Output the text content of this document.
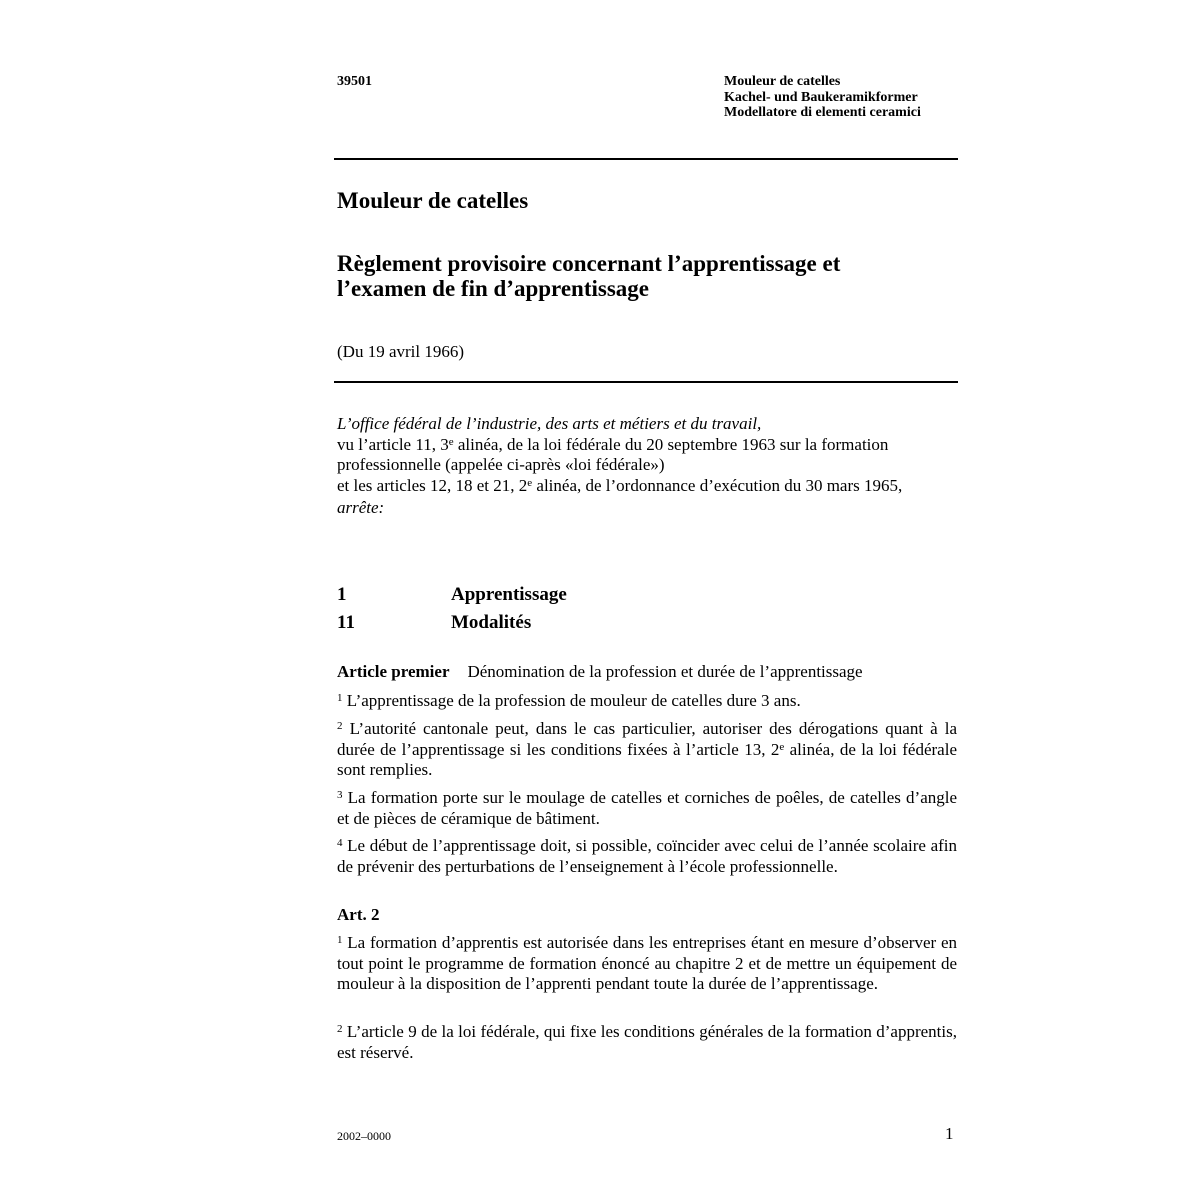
39501	Mouleur de catelles
Kachel- und Baukeramikformer
Modellatore di elementi ceramici
Mouleur de catelles
Règlement provisoire concernant l’apprentissage et
l’examen de fin d’apprentissage
(Du 19 avril 1966)
L’office fédéral de l’industrie, des arts et métiers et du travail,
vu l’article 11, 3e alinéa, de la loi fédérale du 20 septembre 1963 sur la formation professionnelle (appelée ci-après «loi fédérale»)
et les articles 12, 18 et 21, 2e alinéa, de l’ordonnance d’exécution du 30 mars 1965,
arrête:
1	Apprentissage
11	Modalités
Article premier Dénomination de la profession et durée de l’apprentissage
$^1$ L’apprentissage de la profession de mouleur de catelles dure 3 ans.
$^2$ L’autorité cantonale peut, dans le cas particulier, autoriser des dérogations quant à la durée de l’apprentissage si les conditions fixées à l’article 13, 2e alinéa, de la loi fédérale sont remplies.
$^3$ La formation porte sur le moulage de catelles et corniches de poêles, de catelles d’angle et de pièces de céramique de bâtiment.
$^4$ Le début de l’apprentissage doit, si possible, coïncider avec celui de l’année scolaire afin de prévenir des perturbations de l’enseignement à l’école professionnelle.
Art. 2
$^1$ La formation d’apprentis est autorisée dans les entreprises étant en mesure d’observer en tout point le programme de formation énoncé au chapitre 2 et de mettre un équipement de mouleur à la disposition de l’apprenti pendant toute la durée de l’apprentissage.
$^2$ L’article 9 de la loi fédérale, qui fixe les conditions générales de la formation d’apprentis, est réservé.
2002–0000	1
